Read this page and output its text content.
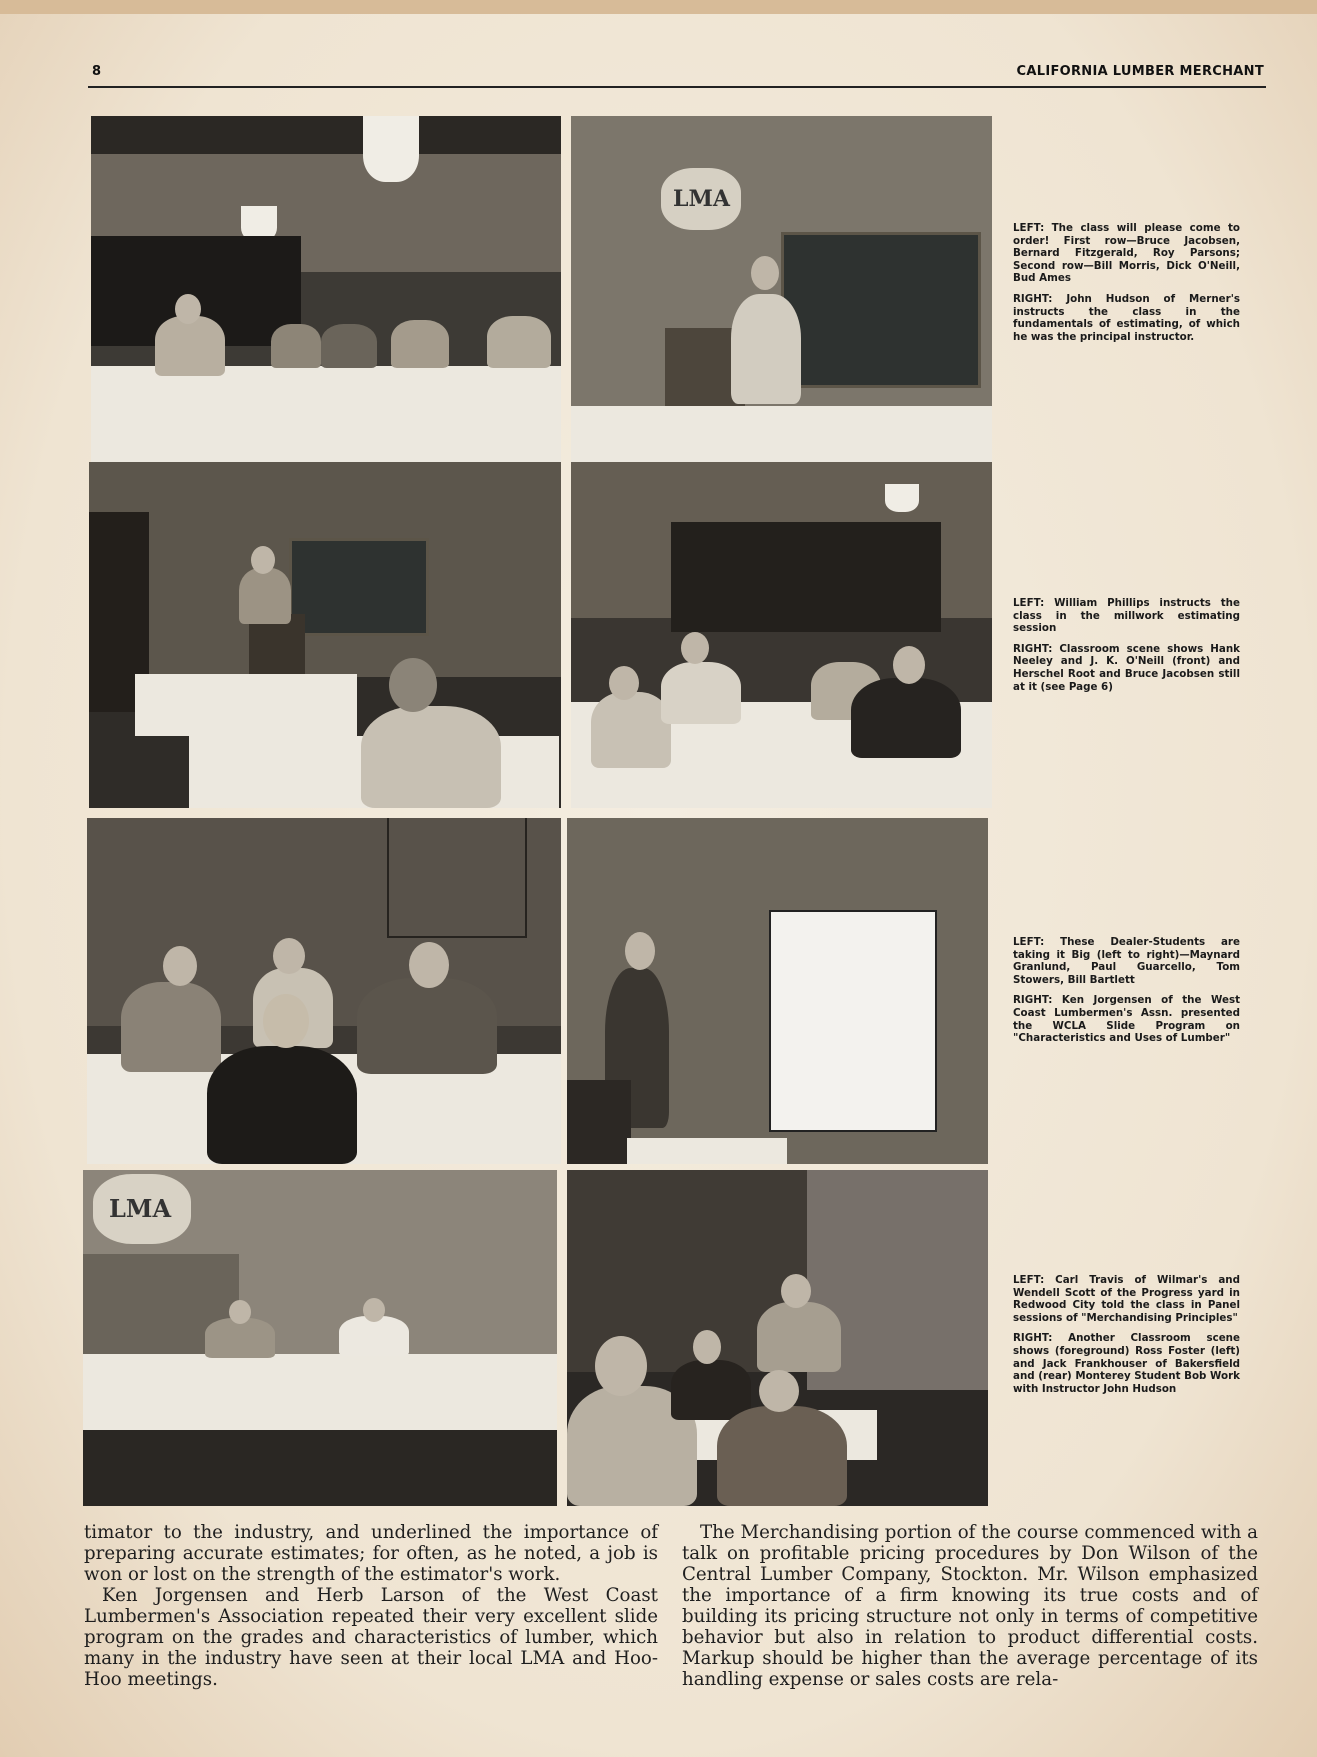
8	CALIFORNIA LUMBER MERCHANT
LMA
LMA

LEFT: The class will please come to order! First row—Bruce Jacobsen, Bernard Fitzgerald, Roy Parsons; Second row—Bill Morris, Dick O'Neill, Bud Ames

RIGHT: John Hudson of Merner's instructs the class in the fundamentals of estimating, of which he was the principal instructor.

LEFT: William Phillips instructs the class in the millwork estimating session

RIGHT: Classroom scene shows Hank Neeley and J. K. O'Neill (front) and Herschel Root and Bruce Jacobsen still at it (see Page 6)

LEFT: These Dealer-Students are taking it Big (left to right)—Maynard Granlund, Paul Guarcello, Tom Stowers, Bill Bartlett

RIGHT: Ken Jorgensen of the West Coast Lumbermen's Assn. presented the WCLA Slide Program on "Characteristics and Uses of Lumber"

LEFT: Carl Travis of Wilmar's and Wendell Scott of the Progress yard in Redwood City told the class in Panel sessions of "Merchandising Principles"

RIGHT: Another Classroom scene shows (foreground) Ross Foster (left) and Jack Frankhouser of Bakersfield and (rear) Monterey Student Bob Work with Instructor John Hudson

timator to the industry, and underlined the importance of preparing accurate estimates; for often, as he noted, a job is won or lost on the strength of the estimator's work.

Ken Jorgensen and Herb Larson of the West Coast Lumbermen's Association repeated their very excellent slide program on the grades and characteristics of lumber, which many in the industry have seen at their local LMA and Hoo-Hoo meetings.

The Merchandising portion of the course commenced with a talk on profitable pricing procedures by Don Wilson of the Central Lumber Company, Stockton. Mr. Wilson emphasized the importance of a firm knowing its true costs and of building its pricing structure not only in terms of competitive behavior but also in relation to product differential costs. Markup should be higher than the average percentage of its handling expense or sales costs are rela-
